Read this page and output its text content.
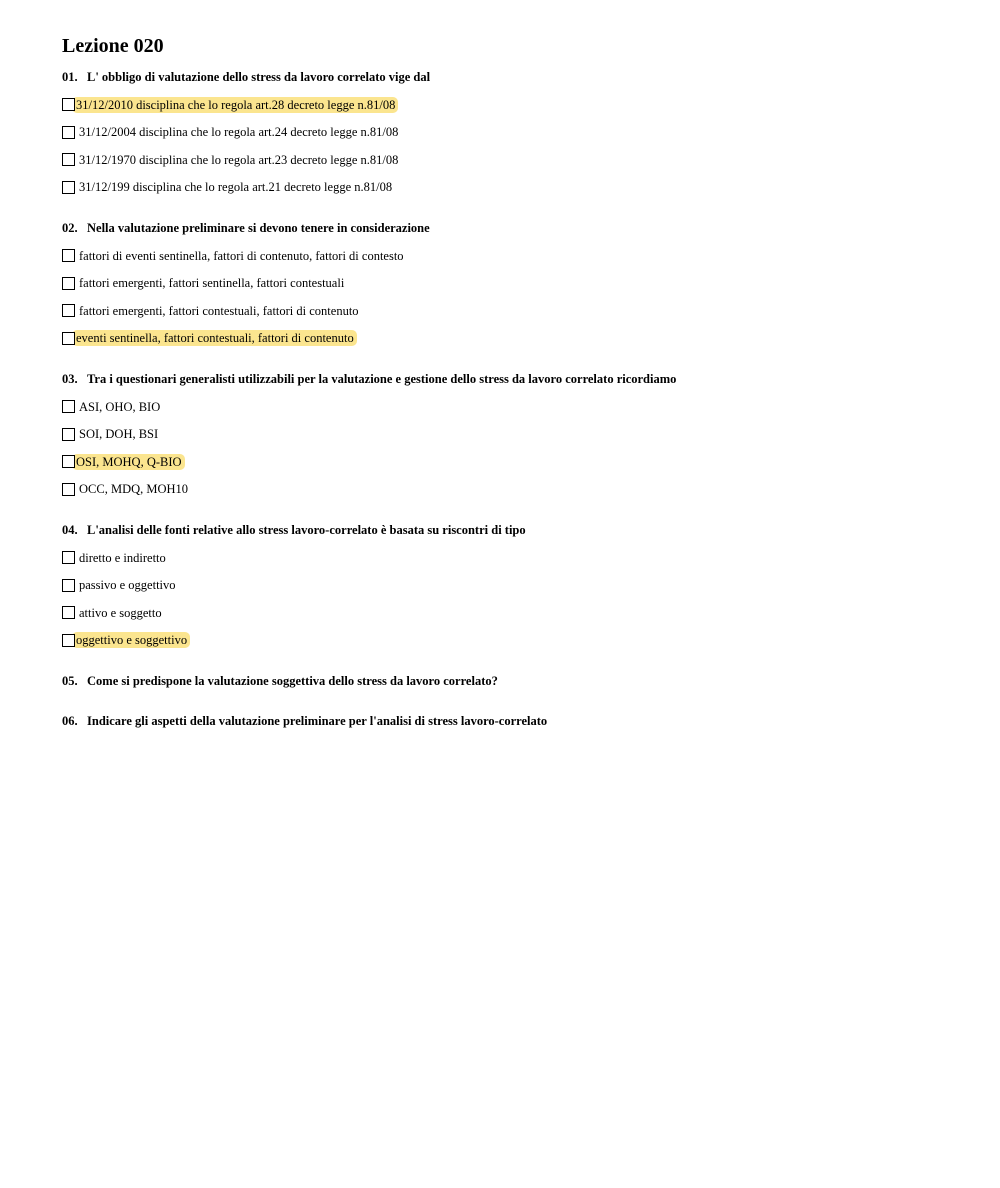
Lezione 020
01. L' obbligo di valutazione dello stress da lavoro correlato vige dal
31/12/2010 disciplina che lo regola art.28 decreto legge n.81/08
31/12/2004 disciplina che lo regola art.24 decreto legge n.81/08
31/12/1970 disciplina che lo regola art.23 decreto legge n.81/08
31/12/199 disciplina che lo regola art.21 decreto legge n.81/08
02. Nella valutazione preliminare si devono tenere in considerazione
fattori di eventi sentinella, fattori di contenuto, fattori di contesto
fattori emergenti, fattori sentinella, fattori contestuali
fattori emergenti, fattori contestuali, fattori di contenuto
eventi sentinella, fattori contestuali, fattori di contenuto
03. Tra i questionari generalisti utilizzabili per la valutazione e gestione dello stress da lavoro correlato ricordiamo
ASI, OHO, BIO
SOI, DOH, BSI
OSI, MOHQ, Q-BIO
OCC, MDQ, MOH10
04. L'analisi delle fonti relative allo stress lavoro-correlato è basata su riscontri di tipo
diretto e indiretto
passivo e oggettivo
attivo e soggetto
oggettivo e soggettivo
05. Come si predispone la valutazione soggettiva dello stress da lavoro correlato?
06. Indicare gli aspetti della valutazione preliminare per l'analisi di stress lavoro-correlato
